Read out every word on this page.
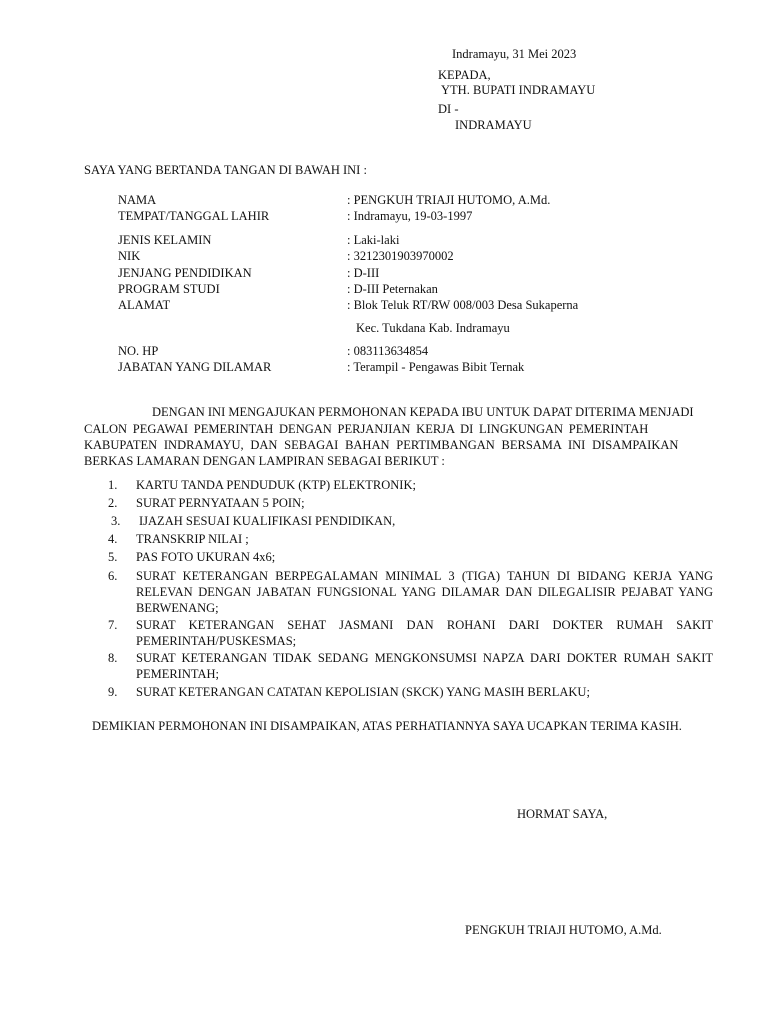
Indramayu, 31 Mei 2023
KEPADA,
YTH. BUPATI INDRAMAYU
DI -
INDRAMAYU
SAYA YANG BERTANDA TANGAN DI BAWAH INI :
NAMA	: PENGKUH TRIAJI HUTOMO, A.Md.
TEMPAT/TANGGAL LAHIR	: Indramayu, 19-03-1997
JENIS KELAMIN	: Laki-laki
NIK	: 3212301903970002
JENJANG PENDIDIKAN	: D-III
PROGRAM STUDI	: D-III Peternakan
ALAMAT	: Blok Teluk RT/RW 008/003 Desa Sukaperna
Kec. Tukdana Kab. Indramayu
NO. HP	: 083113634854
JABATAN YANG DILAMAR	: Terampil - Pengawas Bibit Ternak
DENGAN INI MENGAJUKAN PERMOHONAN KEPADA IBU UNTUK DAPAT DITERIMA MENJADI
CALON PEGAWAI PEMERINTAH DENGAN PERJANJIAN KERJA DI LINGKUNGAN PEMERINTAH
KABUPATEN INDRAMAYU, DAN SEBAGAI BAHAN PERTIMBANGAN BERSAMA INI DISAMPAIKAN
BERKAS LAMARAN DENGAN LAMPIRAN SEBAGAI BERIKUT :
1. KARTU TANDA PENDUDUK (KTP) ELEKTRONIK;
2. SURAT PERNYATAAN 5 POIN;
3. IJAZAH SESUAI KUALIFIKASI PENDIDIKAN,
4. TRANSKRIP NILAI ;
5. PAS FOTO UKURAN 4x6;
6. SURAT KETERANGAN BERPEGALAMAN MINIMAL 3 (TIGA) TAHUN DI BIDANG KERJA YANG RELEVAN DENGAN JABATAN FUNGSIONAL YANG DILAMAR DAN DILEGALISIR PEJABAT YANG BERWENANG;
7. SURAT KETERANGAN SEHAT JASMANI DAN ROHANI DARI DOKTER RUMAH SAKIT PEMERINTAH/PUSKESMAS;
8. SURAT KETERANGAN TIDAK SEDANG MENGKONSUMSI NAPZA DARI DOKTER RUMAH SAKIT PEMERINTAH;
9. SURAT KETERANGAN CATATAN KEPOLISIAN (SKCK) YANG MASIH BERLAKU;
DEMIKIAN PERMOHONAN INI DISAMPAIKAN, ATAS PERHATIANNYA SAYA UCAPKAN TERIMA KASIH.
HORMAT SAYA,
PENGKUH TRIAJI HUTOMO, A.Md.
